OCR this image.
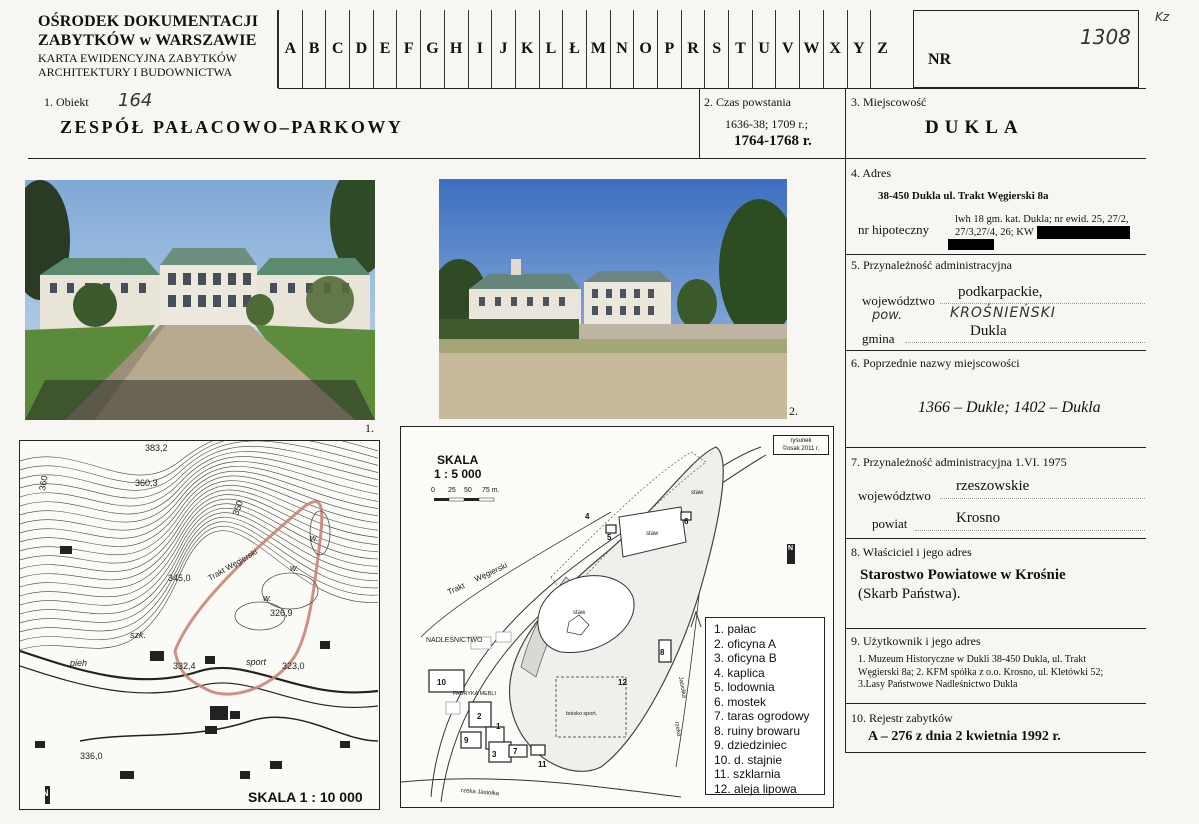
OŚRODEK DOKUMENTACJI
ZABYTKÓW w WARSZAWIE
KARTA EWIDENCYJNA ZABYTKÓW
ARCHITEKTURY I BUDOWNICTWA
A B C D E F G H I	J K L Ł M N O P R S T U V W X Y Z
NR
1308
Kz
1. Obiekt 164
ZESPÓŁ PAŁACOWO–PARKOWY
2. Czas powstania
1636-38; 1709 r.;
1764-1768 r.
3. Miejscowość
DUKLA
4. Adres
38-450 Dukla ul. Trakt Węgierski 8a
nr hipoteczny
lwh 18 gm. kat. Dukla; nr ewid. 25, 27/2,
27/3,27/4, 26; KW
5. Przynależność administracyjna
województwo
podkarpackie,
pow.	KROŚNIEŃSKI
gmina	Dukla
6. Poprzednie nazwy miejscowości
1366 – Dukle; 1402 – Dukla
7. Przynależność administracyjna 1.VI. 1975
województwo
rzeszowskie
powiat	Krosno
8. Właściciel i jego adres
Starostwo Powiatowe w Krośnie
(Skarb Państwa).
9. Użytkownik i jego adres
1. Muzeum Historyczne w Dukli 38-450 Dukla, ul. Trakt
Węgierski 8a; 2. KFM spółka z o.o. Krosno, ul. Kletówki 52;
3.Lasy Państwowe Nadleśnictwo Dukla
10. Rejestr zabytków
A – 276 z dnia 2 kwietnia 1992 r.
1.
2.
383,2
360	360,3
350
345,0 Trakt Węgierski
w.
w.
w.
326,9
szk.
pieh	332,4	sport 323,0
336,0
N	SKALA 1 : 10 000
Trakt
Węgierski
NADLEŚNICTWO
FABRYKA MEBLI
staw
staw
staw
boisko sport.
Jasiołka
rzeka
rzeka Jasiołka
10
2
1
3 7
9
11
12
5
4
6
8
SKALA
1 : 5 000
0 25 50 75 m.
rysunek
©osak 2011 r.
N
1. pałac
2. oficyna A
3. oficyna B
4. kaplica
5. lodownia
6. mostek
7. taras ogrodowy
8. ruiny browaru
9. dziedziniec
10. d. stajnie
11. szklarnia
12. aleja lipowa
